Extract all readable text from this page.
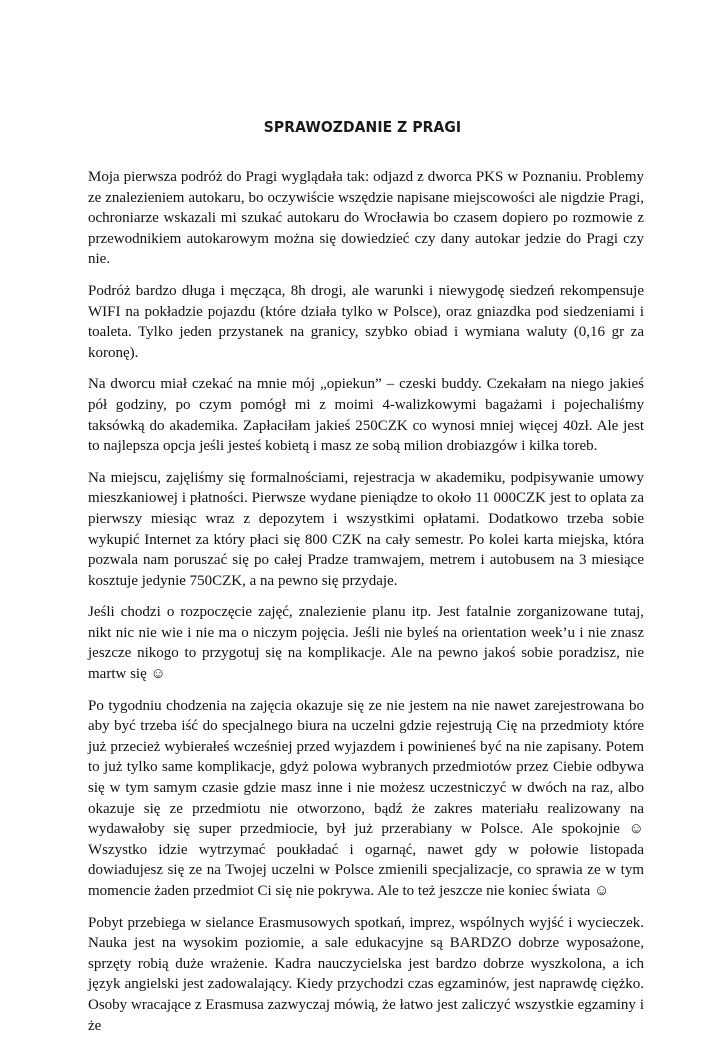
SPRAWOZDANIE Z PRAGI

Moja pierwsza podróż do Pragi wyglądała tak: odjazd z dworca PKS w Poznaniu. Problemy ze znalezieniem autokaru, bo oczywiście wszędzie napisane miejscowości ale nigdzie Pragi, ochroniarze wskazali mi szukać autokaru do Wrocławia bo czasem dopiero po rozmowie z przewodnikiem autokarowym można się dowiedzieć czy dany autokar jedzie do Pragi czy nie.

Podróż bardzo długa i męcząca, 8h drogi, ale warunki i niewygodę siedzeń rekompensuje WIFI na pokładzie pojazdu (które działa tylko w Polsce), oraz gniazdka pod siedzeniami i toaleta. Tylko jeden przystanek na granicy, szybko obiad i wymiana waluty (0,16 gr za koronę).

Na dworcu miał czekać na mnie mój „opiekun” – czeski buddy. Czekałam na niego jakieś pół godziny, po czym pomógł mi z moimi 4-walizkowymi bagażami i pojechaliśmy taksówką do akademika. Zapłaciłam jakieś 250CZK co wynosi mniej więcej 40zł. Ale jest to najlepsza opcja jeśli jesteś kobietą i masz ze sobą milion drobiazgów i kilka toreb.

Na miejscu, zajęliśmy się formalnościami, rejestracja w akademiku, podpisywanie umowy mieszkaniowej i płatności. Pierwsze wydane pieniądze to około 11 000CZK jest to oplata za pierwszy miesiąc wraz z depozytem i wszystkimi opłatami. Dodatkowo trzeba sobie wykupić Internet za który płaci się 800 CZK na cały semestr. Po kolei karta miejska, która pozwala nam poruszać się po całej Pradze tramwajem, metrem i autobusem na 3 miesiące kosztuje jedynie 750CZK, a na pewno się przydaje.

Jeśli chodzi o rozpoczęcie zajęć, znalezienie planu itp. Jest fatalnie zorganizowane tutaj, nikt nic nie wie i nie ma o niczym pojęcia. Jeśli nie byleś na orientation week’u i nie znasz jeszcze nikogo to przygotuj się na komplikacje. Ale na pewno jakoś sobie poradzisz, nie martw się ☺

Po tygodniu chodzenia na zajęcia okazuje się ze nie jestem na nie nawet zarejestrowana bo aby być trzeba iść do specjalnego biura na uczelni gdzie rejestrują Cię na przedmioty które już przecież wybierałeś wcześniej przed wyjazdem i powinieneś być na nie zapisany. Potem to już tylko same komplikacje, gdyż polowa wybranych przedmiotów przez Ciebie odbywa się w tym samym czasie gdzie masz inne i nie możesz uczestniczyć w dwóch na raz, albo okazuje się ze przedmiotu nie otworzono, bądź że zakres materiału realizowany na wydawałoby się super przedmiocie, był już przerabiany w Polsce. Ale spokojnie ☺ Wszystko idzie wytrzymać poukładać i ogarnąć, nawet gdy w połowie listopada dowiadujesz się ze na Twojej uczelni w Polsce zmienili specjalizacje, co sprawia ze w tym momencie żaden przedmiot Ci się nie pokrywa. Ale to też jeszcze nie koniec świata ☺

Pobyt przebiega w sielance Erasmusowych spotkań, imprez, wspólnych wyjść i wycieczek. Nauka jest na wysokim poziomie, a sale edukacyjne są BARDZO dobrze wyposażone, sprzęty robią duże wrażenie. Kadra nauczycielska jest bardzo dobrze wyszkolona, a ich język angielski jest zadowalający. Kiedy przychodzi czas egzaminów, jest naprawdę ciężko. Osoby wracające z Erasmusa zazwyczaj mówią, że łatwo jest zaliczyć wszystkie egzaminy i że
